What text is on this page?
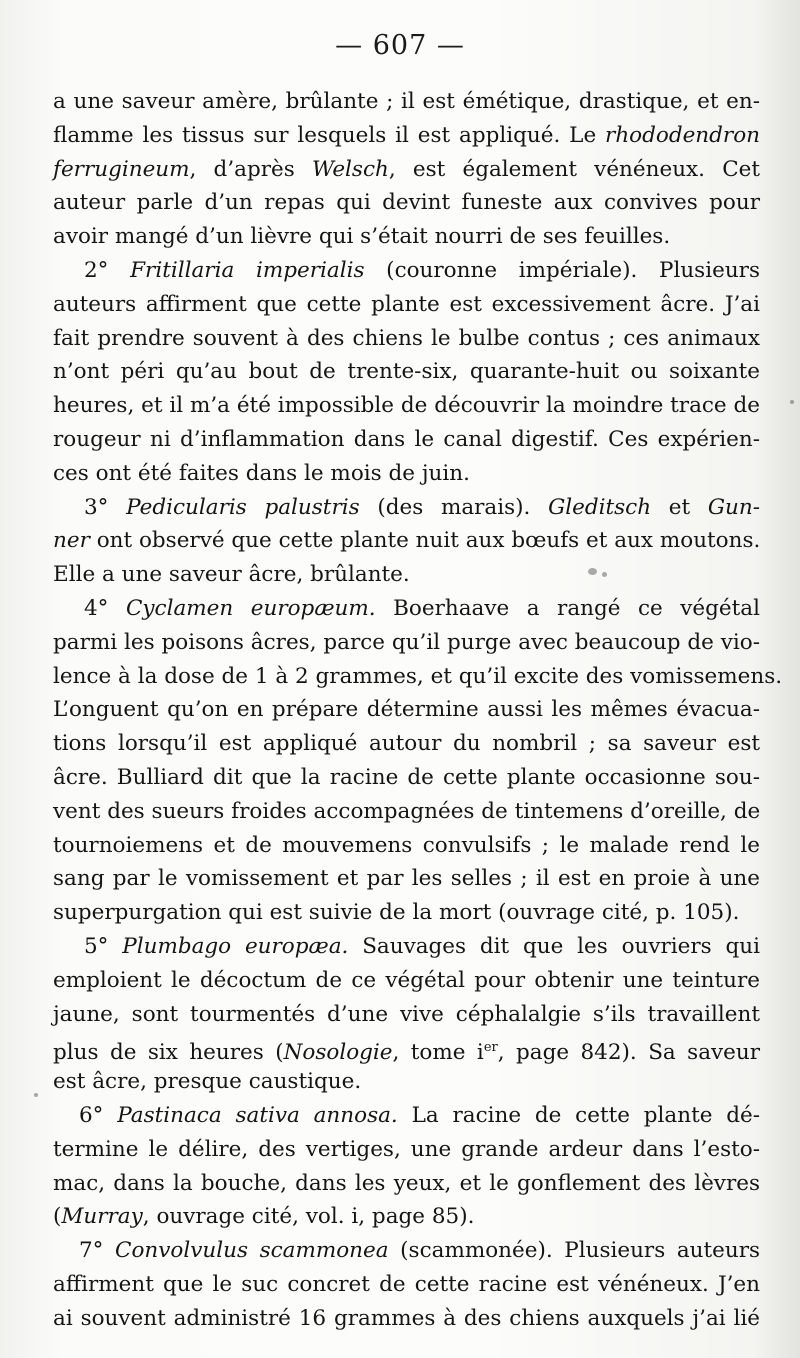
— 607 —
a une saveur amère, brûlante ; il est émétique, drastique, et en-
flamme les tissus sur lesquels il est appliqué. Le rhododendron
ferrugineum, d’après Welsch, est également vénéneux. Cet
auteur parle d’un repas qui devint funeste aux convives pour
avoir mangé d’un lièvre qui s’était nourri de ses feuilles.
2° Fritillaria imperialis (couronne impériale). Plusieurs
auteurs affirment que cette plante est excessivement âcre. J’ai
fait prendre souvent à des chiens le bulbe contus ; ces animaux
n’ont péri qu’au bout de trente-six, quarante-huit ou soixante
heures, et il m’a été impossible de découvrir la moindre trace de
rougeur ni d’inflammation dans le canal digestif. Ces expérien-
ces ont été faites dans le mois de juin.
3° Pedicularis palustris (des marais). Gleditsch et Gun-
ner ont observé que cette plante nuit aux bœufs et aux moutons.
Elle a une saveur âcre, brûlante.
4° Cyclamen europæum. Boerhaave a rangé ce végétal
parmi les poisons âcres, parce qu’il purge avec beaucoup de vio-
lence à la dose de 1 à 2 grammes, et qu’il excite des vomissemens.
L’onguent qu’on en prépare détermine aussi les mêmes évacua-
tions lorsqu’il est appliqué autour du nombril ; sa saveur est
âcre. Bulliard dit que la racine de cette plante occasionne sou-
vent des sueurs froides accompagnées de tintemens d’oreille, de
tournoiemens et de mouvemens convulsifs ; le malade rend le
sang par le vomissement et par les selles ; il est en proie à une
superpurgation qui est suivie de la mort (ouvrage cité, p. 105).
5° Plumbago europæa. Sauvages dit que les ouvriers qui
emploient le décoctum de ce végétal pour obtenir une teinture
jaune, sont tourmentés d’une vive céphalalgie s’ils travaillent
plus de six heures (Nosologie, tome $i^{er}$, page 842). Sa saveur
est âcre, presque caustique.
6° Pastinaca sativa annosa. La racine de cette plante dé-
termine le délire, des vertiges, une grande ardeur dans l’esto-
mac, dans la bouche, dans les yeux, et le gonflement des lèvres
(Murray, ouvrage cité, vol. i, page 85).
7° Convolvulus scammonea (scammonée). Plusieurs auteurs
affirment que le suc concret de cette racine est vénéneux. J’en
ai souvent administré 16 grammes à des chiens auxquels j’ai lié
